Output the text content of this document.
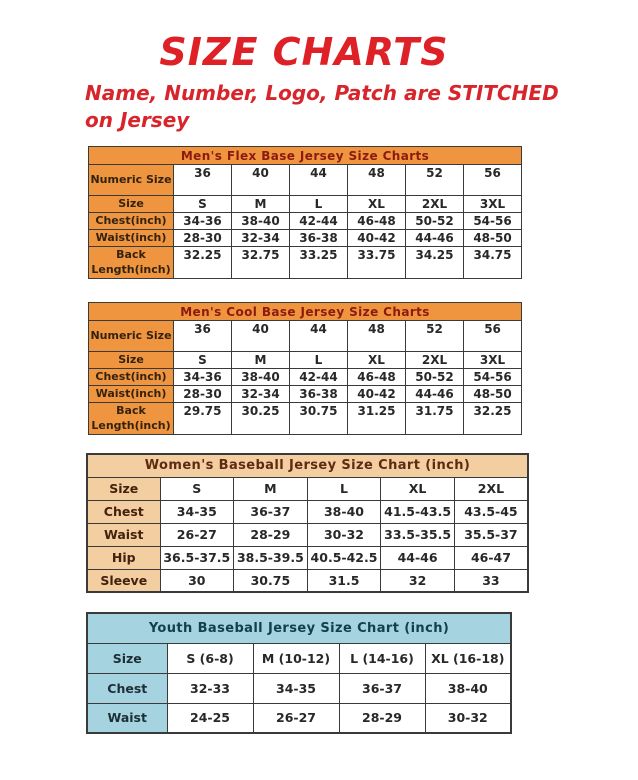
SIZE CHARTS

Name, Number, Logo, Patch are STITCHED
on Jersey

Men's Flex Base Jersey Size Charts						
Numeric Size	36	40	44	48	52	56
Size	S	M	L	XL	2XL	3XL
Chest(inch)	34-36	38-40	42-44	46-48	50-52	54-56
Waist(inch)	28-30	32-34	36-38	40-42	44-46	48-50
Back Length(inch)	32.25	32.75	33.25	33.75	34.25	34.75
Men's Cool Base Jersey Size Charts						
Numeric Size	36	40	44	48	52	56
Size	S	M	L	XL	2XL	3XL
Chest(inch)	34-36	38-40	42-44	46-48	50-52	54-56
Waist(inch)	28-30	32-34	36-38	40-42	44-46	48-50
Back Length(inch)	29.75	30.25	30.75	31.25	31.75	32.25
Women's Baseball Jersey Size Chart (inch)					
Size	S	M	L	XL	2XL
Chest	34-35	36-37	38-40	41.5-43.5	43.5-45
Waist	26-27	28-29	30-32	33.5-35.5	35.5-37
Hip	36.5-37.5	38.5-39.5	40.5-42.5	44-46	46-47
Sleeve	30	30.75	31.5	32	33
Youth Baseball Jersey Size Chart (inch)				
Size	S (6-8)	M (10-12)	L (14-16)	XL (16-18)
Chest	32-33	34-35	36-37	38-40
Waist	24-25	26-27	28-29	30-32
